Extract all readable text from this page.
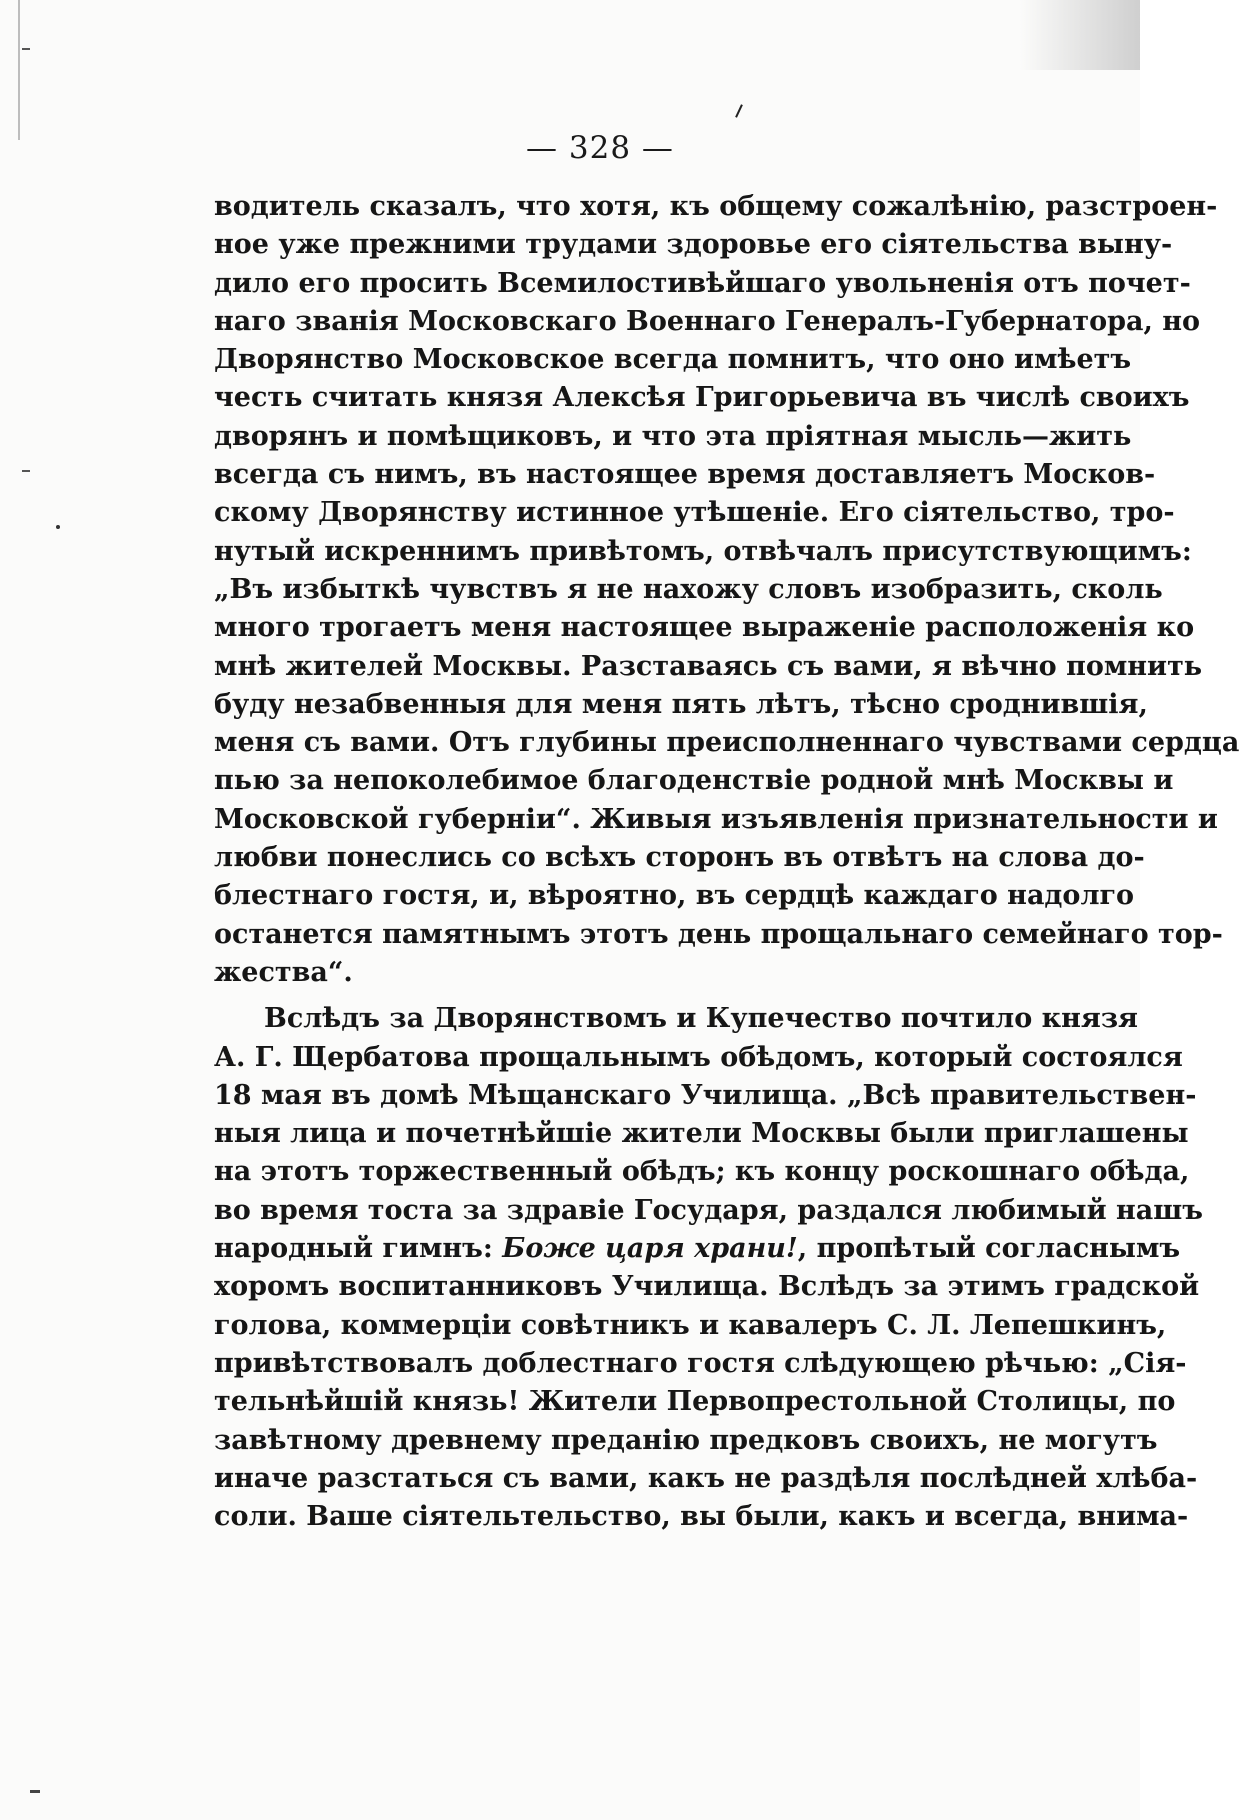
— 328 —
водитель сказалъ, что хотя, къ общему сожалѣнію, разстроен-
ное уже прежними трудами здоровье его сiятельства выну-
дило его просить Всемилостивѣйшаго увольненiя отъ почет-
наго званiя Московскаго Военнаго Генералъ-Губернатора, но
Дворянство Московское всегда помнитъ, что оно имѣетъ
честь считать князя Алексѣя Григорьевича въ числѣ своихъ
дворянъ и помѣщиковъ, и что эта прiятная мысль—жить
всегда съ нимъ, въ настоящее время доставляетъ Москов-
скому Дворянству истинное утѣшенiе. Его сiятельство, тро-
нутый искреннимъ привѣтомъ, отвѣчалъ присутствующимъ:
„Въ избыткѣ чувствъ я не нахожу словъ изобразить, сколь
много трогаетъ меня настоящее выраженiе расположенiя ко
мнѣ жителей Москвы. Разставаясь съ вами, я вѣчно помнить
буду незабвенныя для меня пять лѣтъ, тѣсно сроднившiя,
меня съ вами. Отъ глубины преисполненнаго чувствами сердца
пью за непоколебимое благоденствiе родной мнѣ Москвы и
Московской губернiи“. Живыя изъявленiя признательности и
любви понеслись со всѣхъ сторонъ въ отвѣтъ на слова до-
блестнаго гостя, и, вѣроятно, въ сердцѣ каждаго надолго
останется памятнымъ этотъ день прощальнаго семейнаго тор-
жества“.
Вслѣдъ за Дворянствомъ и Купечество почтило князя
А. Г. Щербатова прощальнымъ обѣдомъ, который состоялся
18 мая въ домѣ Мѣщанскаго Училища. „Всѣ правительствен-
ныя лица и почетнѣйшiе жители Москвы были приглашены
на этотъ торжественный обѣдъ; къ концу роскошнаго обѣда,
во время тоста за здравiе Государя, раздался любимый нашъ
народный гимнъ: Боже царя храни!, пропѣтый согласнымъ
хоромъ воспитанниковъ Училища. Вслѣдъ за этимъ градской
голова, коммерцiи совѣтникъ и кавалеръ С. Л. Лепешкинъ,
привѣтствовалъ доблестнаго гостя слѣдующею рѣчью: „Сiя-
тельнѣйшiй князь! Жители Первопрестольной Столицы, по
завѣтному древнему преданiю предковъ своихъ, не могутъ
иначе разстаться съ вами, какъ не раздѣля послѣдней хлѣба-
соли. Ваше сiятельтельство, вы были, какъ и всегда, внима-
